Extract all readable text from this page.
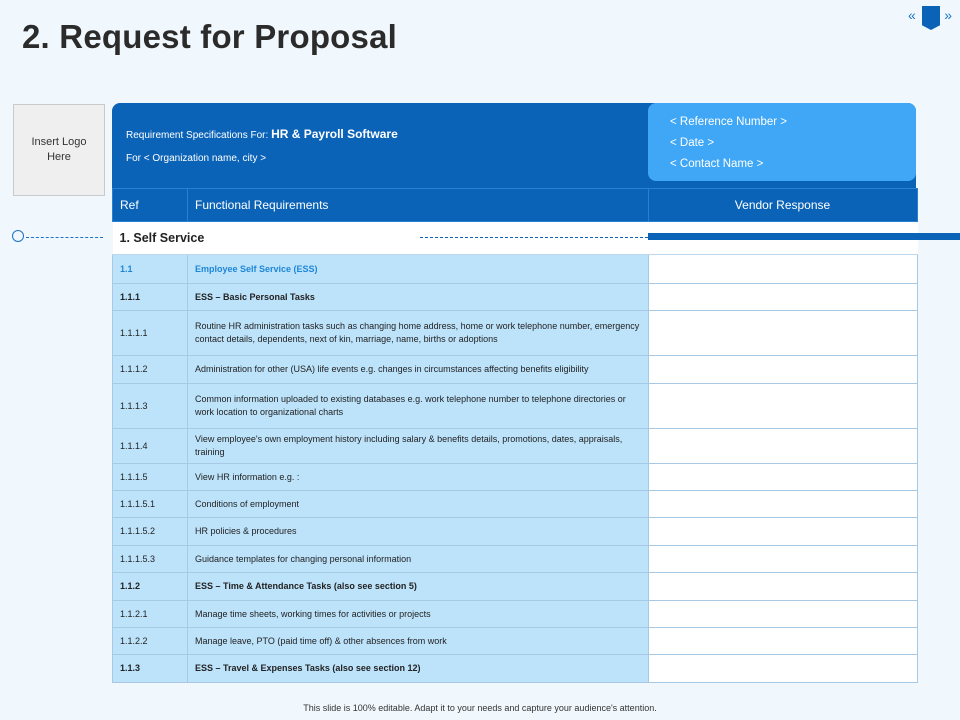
2. Request for Proposal
« »
Insert Logo Here
Requirement Specifications For: HR & Payroll Software
For < Organization name, city >
< Reference Number >
< Date >
< Contact Name >
Ref	Functional Requirements	Vendor Response
1. Self Service		
1.1	Employee Self Service (ESS)	
1.1.1	ESS – Basic Personal Tasks	
1.1.1.1	Routine HR administration tasks such as changing home address, home or work telephone number, emergency contact details, dependents, next of kin, marriage, name, births or adoptions	
1.1.1.2	Administration for other (USA) life events e.g. changes in circumstances affecting benefits eligibility	
1.1.1.3	Common information uploaded to existing databases e.g. work telephone number to telephone directories or work location to organizational charts	
1.1.1.4	View employee's own employment history including salary & benefits details, promotions, dates, appraisals, training	
1.1.1.5	View HR information e.g. :	
1.1.1.5.1	Conditions of employment	
1.1.1.5.2	HR policies & procedures	
1.1.1.5.3	Guidance templates for changing personal information	
1.1.2	ESS – Time & Attendance Tasks (also see section 5)	
1.1.2.1	Manage time sheets, working times for activities or projects	
1.1.2.2	Manage leave, PTO (paid time off) & other absences from work	
1.1.3	ESS – Travel & Expenses Tasks (also see section 12)	
This slide is 100% editable. Adapt it to your needs and capture your audience's attention.
